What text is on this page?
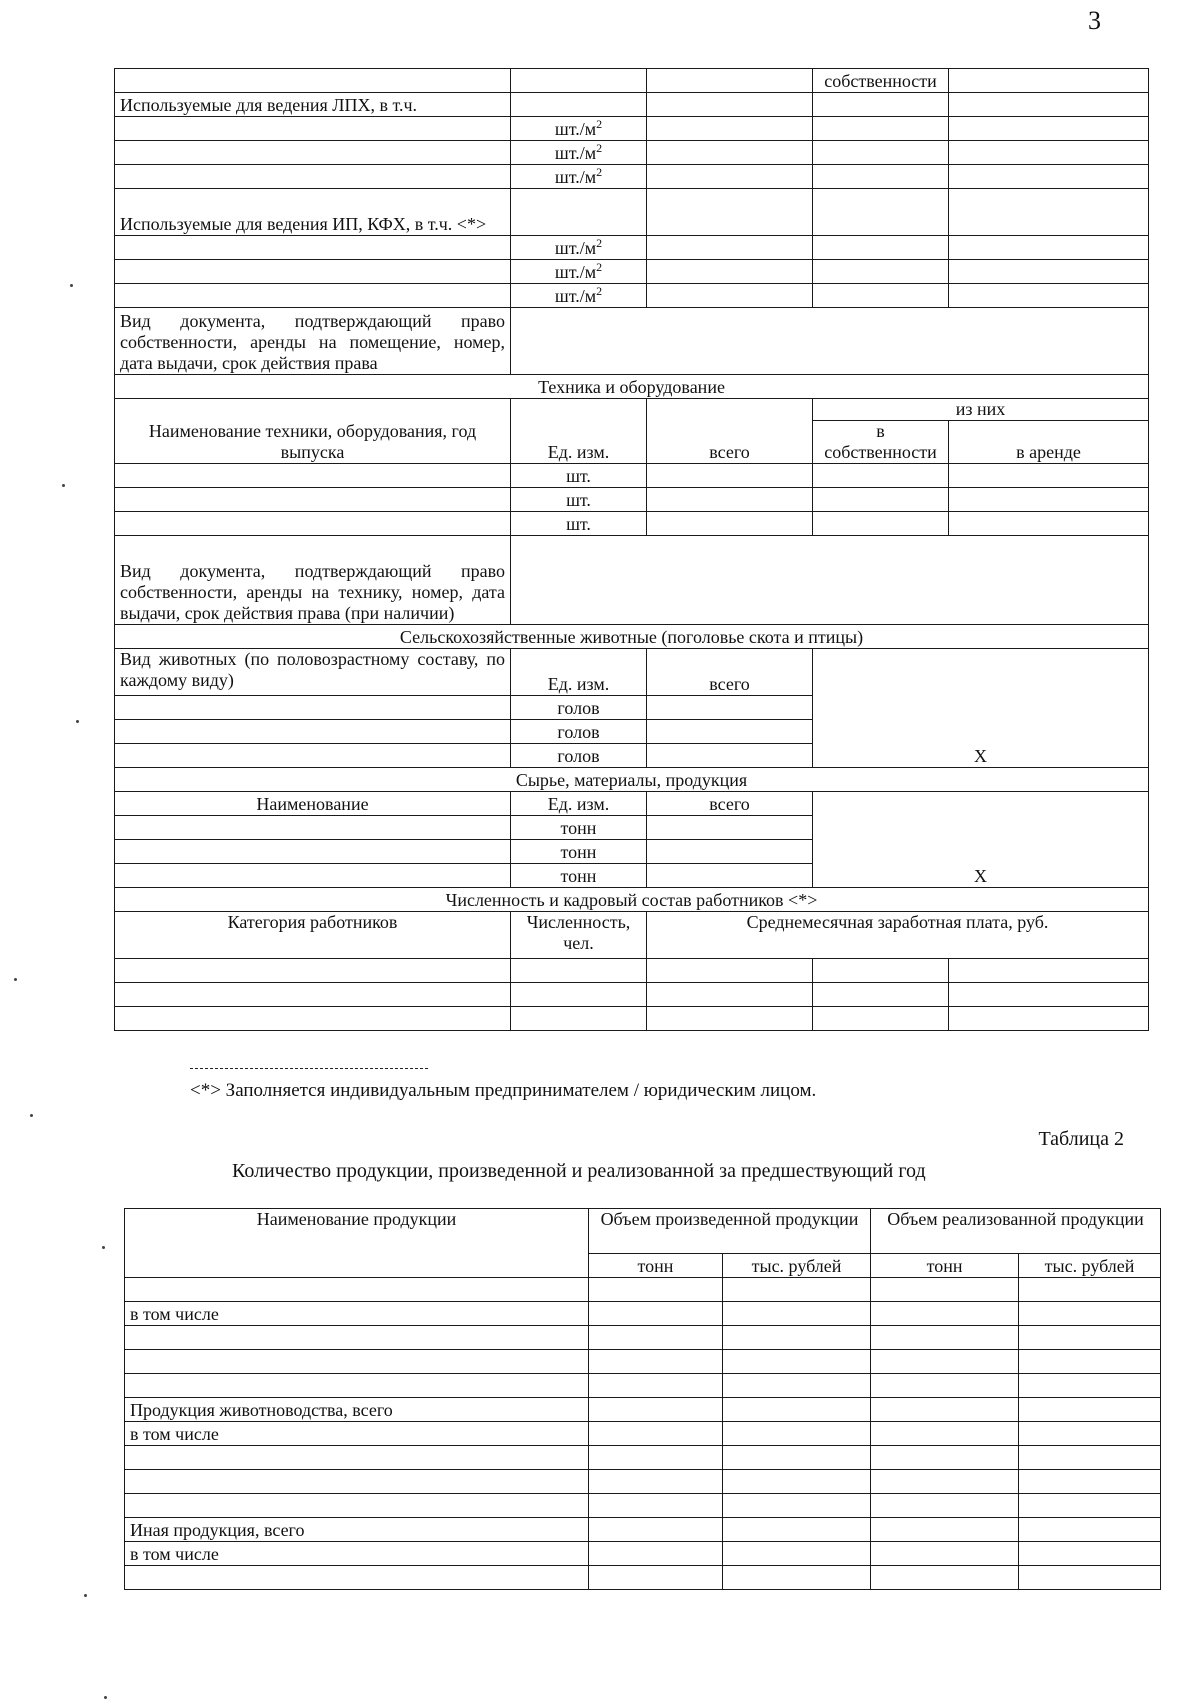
3
			собственности	
Используемые для ведения ЛПХ, в т.ч.				
	$шт./м^2$			
	$шт./м^2$			
	$шт./м^2$			
Используемые для ведения ИП, КФХ, в т.ч. <*>				
	$шт./м^2$			
	$шт./м^2$			
	$шт./м^2$			
Вид документа, подтверждающий право собственности, аренды на помещение, номер, дата выдачи, срок действия права				
Техника и оборудование				
Наименование техники, оборудования, год выпуска	Ед. изм.	всего	из них	
			в собственности	в аренде
	шт.			
	шт.			
	шт.			
Вид документа, подтверждающий право собственности, аренды на технику, номер, дата выдачи, срок действия права (при наличии)				
Сельскохозяйственные животные (поголовье скота и птицы)				
Вид животных (по половозрастному составу, по каждому виду)	Ед. изм.	всего	X	
	голов			
	голов			
	голов			
Сырье, материалы, продукция				
Наименование	Ед. изм.	всего	X	
	тонн			
	тонн			
	тонн			
Численность и кадровый состав работников <*>				
Категория работников	Численность, чел.	Среднемесячная заработная плата, руб.		

<*> Заполняется индивидуальным предпринимателем / юридическим лицом.
Таблица 2
Количество продукции, произведенной и реализованной за предшествующий год
Наименование продукции	Объем произведенной продукции		Объем реализованной продукции	
	тонн	тыс. рублей	тонн	тыс. рублей

в том числе				

Продукция животноводства, всего				
в том числе				

Иная продукция, всего				
в том числе				
